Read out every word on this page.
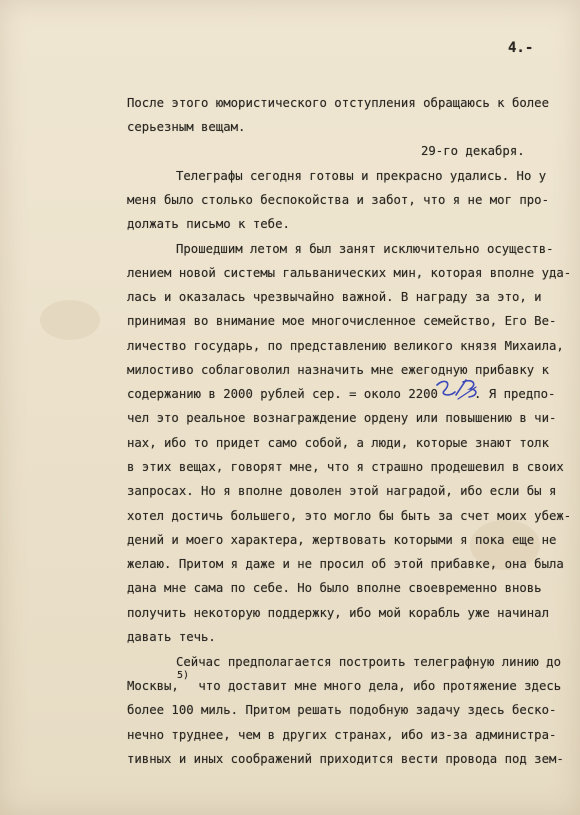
4.-
После этого юмористического отступления обращаюсь к более
серьезным вещам.
29-го декабря.
Телеграфы сегодня готовы и прекрасно удались. Но у
меня было столько беспокойства и забот, что я не мог про-
должать письмо к тебе.
Прошедшим летом я был занят исключительно осуществ-
лением новой системы гальванических мин, которая вполне уда-
лась и оказалась чрезвычайно важной. В награду за это, и
принимая во внимание мое многочисленное семейство, Его Ве-
личество государь, по представлению великого князя Михаила,
милостиво соблаговолил назначить мне ежегодную прибавку к
содержанию в 2000 рублей сер. = около 2200	. Я предпо-
чел это реальное вознаграждение ордену или повышению в чи-
нах, ибо то придет само собой, а люди, которые знают толк
в этих вещах, говорят мне, что я страшно продешевил в своих
запросах. Но я вполне доволен этой наградой, ибо если бы я
хотел достичь большего, это могло бы быть за счет моих убеж-
дений и моего характера, жертвовать которыми я пока еще не
желаю. Притом я даже и не просил об этой прибавке, она была
дана мне сама по себе. Но было вполне своевременно вновь
получить некоторую поддержку, ибо мой корабль уже начинал
давать течь.
Сейчас предполагается построить телеграфную линию до
Москвы,
5)
что доставит мне много дела, ибо протяжение здесь
более 100 миль. Притом решать подобную задачу здесь беско-
нечно труднее, чем в других странах, ибо из-за администра-
тивных и иных соображений приходится вести провода под зем-
